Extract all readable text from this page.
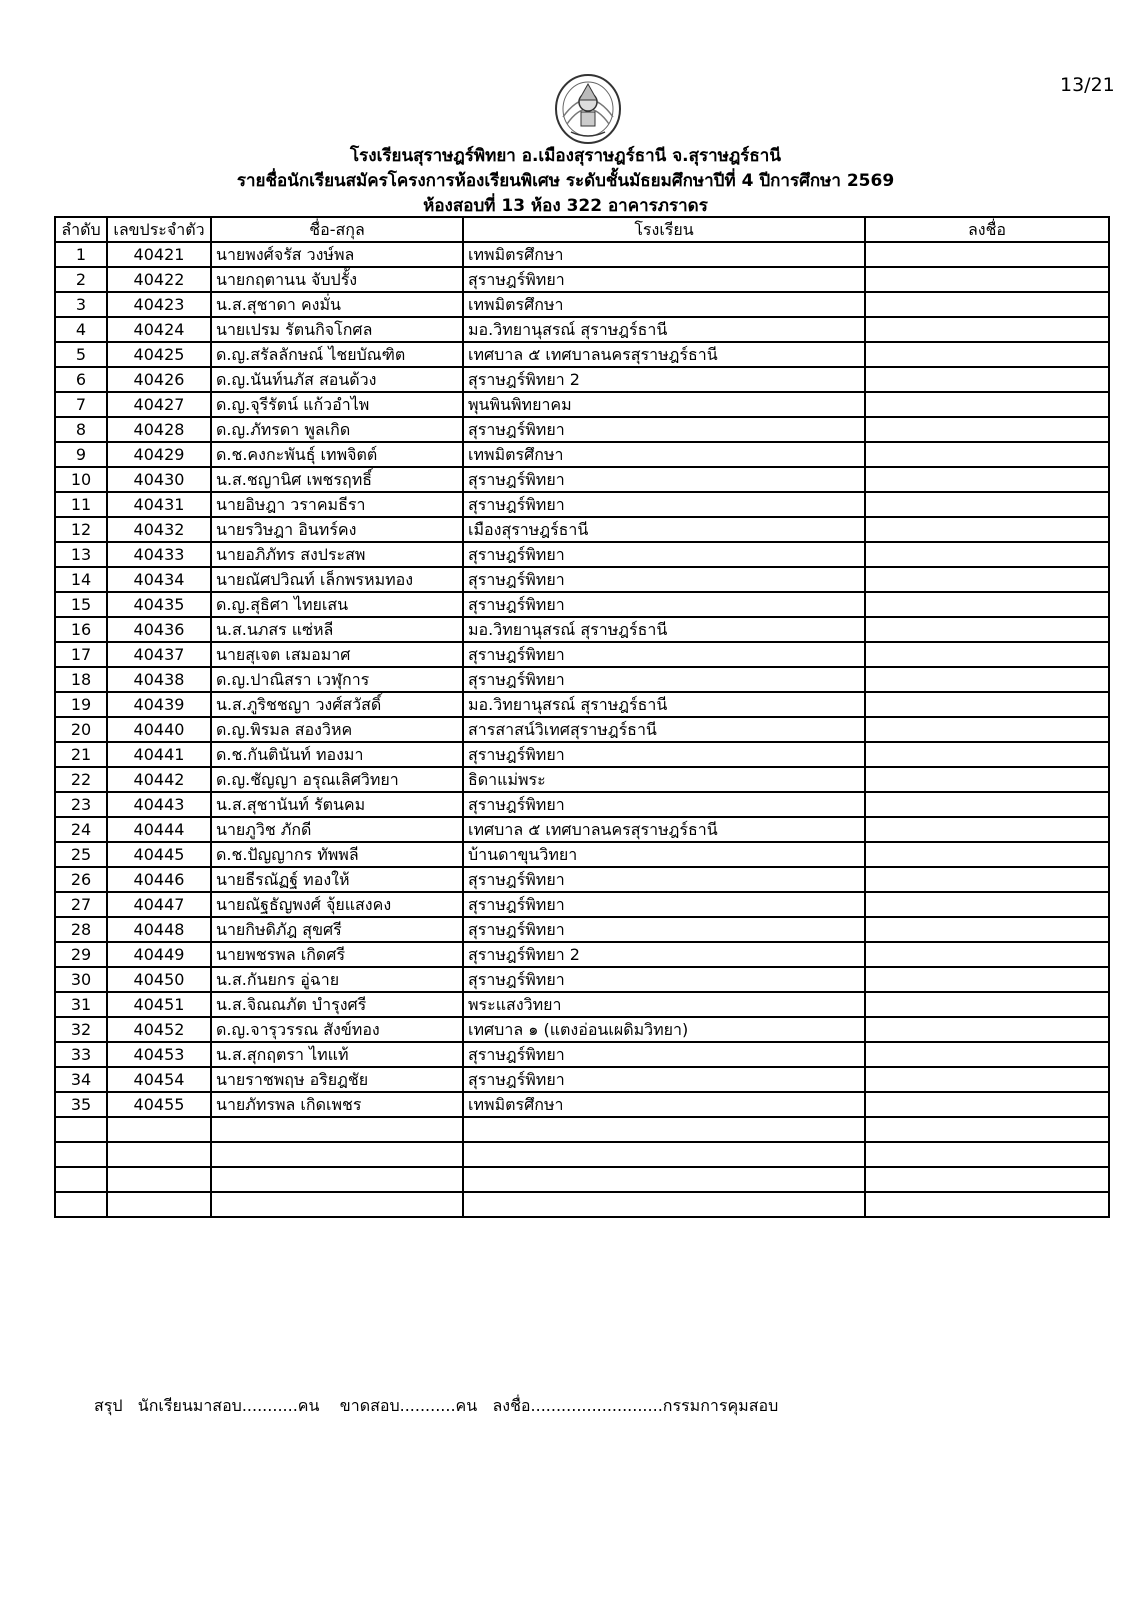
13/21
โรงเรียนสุราษฎร์พิทยา อ.เมืองสุราษฎร์ธานี จ.สุราษฎร์ธานี
รายชื่อนักเรียนสมัครโครงการห้องเรียนพิเศษ ระดับชั้นมัธยมศึกษาปีที่ 4 ปีการศึกษา 2569
ห้องสอบที่ 13 ห้อง 322 อาคารภราดร
ลำดับ	เลขประจำตัว	ชื่อ-สกุล	โรงเรียน	ลงชื่อ
1	40421	นายพงศ์จรัส วงษ์พล	เทพมิตรศึกษา	
2	40422	นายกฤตานน จับปรั้ง	สุราษฎร์พิทยา	
3	40423	น.ส.สุชาดา คงมั่น	เทพมิตรศึกษา	
4	40424	นายเปรม รัตนกิจโกศล	มอ.วิทยานุสรณ์ สุราษฎร์ธานี	
5	40425	ด.ญ.สรัลลักษณ์ ไชยบัณฑิต	เทศบาล ๕ เทศบาลนครสุราษฎร์ธานี	
6	40426	ด.ญ.นันท์นภัส สอนด้วง	สุราษฎร์พิทยา 2	
7	40427	ด.ญ.จุรีรัตน์ แก้วอำไพ	พุนพินพิทยาคม	
8	40428	ด.ญ.ภัทรดา พูลเกิด	สุราษฎร์พิทยา	
9	40429	ด.ช.คงกะพันธุ์ เทพจิตต์	เทพมิตรศึกษา	
10	40430	น.ส.ชญานิศ เพชรฤทธิ์	สุราษฎร์พิทยา	
11	40431	นายอิษฎา วราคมธีรา	สุราษฎร์พิทยา	
12	40432	นายรวิษฎา อินทร์คง	เมืองสุราษฎร์ธานี	
13	40433	นายอภิภัทร สงประสพ	สุราษฎร์พิทยา	
14	40434	นายณัศปวิณท์ เล็กพรหมทอง	สุราษฎร์พิทยา	
15	40435	ด.ญ.สุธิศา ไทยเสน	สุราษฎร์พิทยา	
16	40436	น.ส.นภสร แซ่หลี	มอ.วิทยานุสรณ์ สุราษฎร์ธานี	
17	40437	นายสุเจต เสมอมาศ	สุราษฎร์พิทยา	
18	40438	ด.ญ.ปาณิสรา เวฬุการ	สุราษฎร์พิทยา	
19	40439	น.ส.ภูริชชญา วงศ์สวัสดิ์	มอ.วิทยานุสรณ์ สุราษฎร์ธานี	
20	40440	ด.ญ.พิรมล สองวิหค	สารสาสน์วิเทศสุราษฎร์ธานี	
21	40441	ด.ช.กันตินันท์ ทองมา	สุราษฎร์พิทยา	
22	40442	ด.ญ.ชัญญา อรุณเลิศวิทยา	ธิดาแม่พระ	
23	40443	น.ส.สุชานันท์ รัตนคม	สุราษฎร์พิทยา	
24	40444	นายภูวิช ภักดี	เทศบาล ๕ เทศบาลนครสุราษฎร์ธานี	
25	40445	ด.ช.ปัญญากร ทัพพลี	บ้านดาขุนวิทยา	
26	40446	นายธีรณัฏฐ์ ทองให้	สุราษฎร์พิทยา	
27	40447	นายณัฐธัญพงศ์ จุ้ยแสงคง	สุราษฎร์พิทยา	
28	40448	นายกิษดิภัฎ สุขศรี	สุราษฎร์พิทยา	
29	40449	นายพชรพล เกิดศรี	สุราษฎร์พิทยา 2	
30	40450	น.ส.กันยกร อู่ฉาย	สุราษฎร์พิทยา	
31	40451	น.ส.จิณณภัต บำรุงศรี	พระแสงวิทยา	
32	40452	ด.ญ.จารุวรรณ สังข์ทอง	เทศบาล ๑ (แตงอ่อนเผดิมวิทยา)	
33	40453	น.ส.สุกฤตรา ไทแท้	สุราษฎร์พิทยา	
34	40454	นายราชพฤษ อริยฎชัย	สุราษฎร์พิทยา	
35	40455	นายภัทรพล เกิดเพชร	เทพมิตรศึกษา	

สรุป   นักเรียนมาสอบ...........คน    ขาดสอบ...........คน   ลงชื่อ..........................กรรมการคุมสอบ
